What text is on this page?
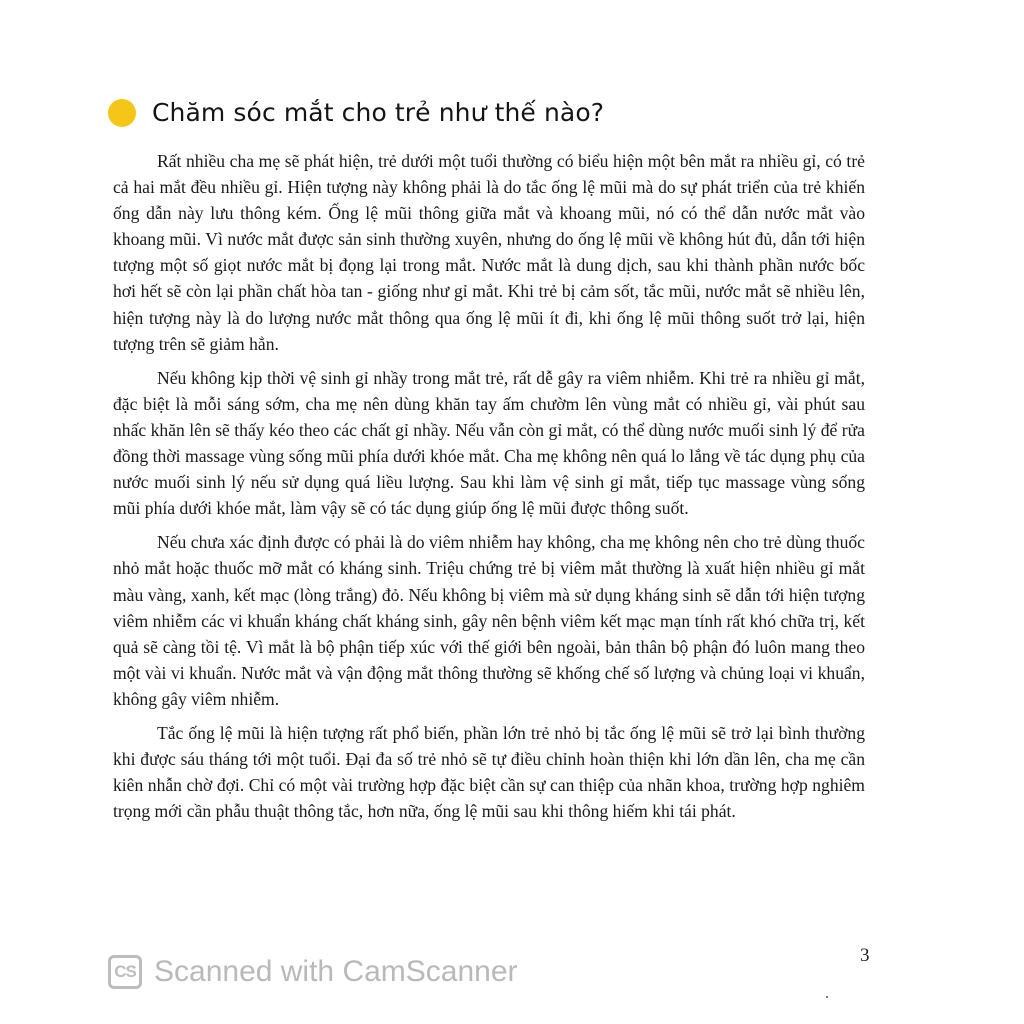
Chăm sóc mắt cho trẻ như thế nào?

Rất nhiều cha mẹ sẽ phát hiện, trẻ dưới một tuổi thường có biểu hiện một bên mắt ra nhiều gỉ, có trẻ cả hai mắt đều nhiều gỉ. Hiện tượng này không phải là do tắc ống lệ mũi mà do sự phát triển của trẻ khiến ống dẫn này lưu thông kém. Ống lệ mũi thông giữa mắt và khoang mũi, nó có thể dẫn nước mắt vào khoang mũi. Vì nước mắt được sản sinh thường xuyên, nhưng do ống lệ mũi về không hút đủ, dẫn tới hiện tượng một số giọt nước mắt bị đọng lại trong mắt. Nước mắt là dung dịch, sau khi thành phần nước bốc hơi hết sẽ còn lại phần chất hòa tan - giống như gỉ mắt. Khi trẻ bị cảm sốt, tắc mũi, nước mắt sẽ nhiều lên, hiện tượng này là do lượng nước mắt thông qua ống lệ mũi ít đi, khi ống lệ mũi thông suốt trở lại, hiện tượng trên sẽ giảm hẳn.

Nếu không kịp thời vệ sinh gỉ nhầy trong mắt trẻ, rất dễ gây ra viêm nhiễm. Khi trẻ ra nhiều gỉ mắt, đặc biệt là mỗi sáng sớm, cha mẹ nên dùng khăn tay ấm chườm lên vùng mắt có nhiều gỉ, vài phút sau nhấc khăn lên sẽ thấy kéo theo các chất gỉ nhầy. Nếu vẫn còn gỉ mắt, có thể dùng nước muối sinh lý để rửa đồng thời massage vùng sống mũi phía dưới khóe mắt. Cha mẹ không nên quá lo lắng về tác dụng phụ của nước muối sinh lý nếu sử dụng quá liều lượng. Sau khi làm vệ sinh gỉ mắt, tiếp tục massage vùng sống mũi phía dưới khóe mắt, làm vậy sẽ có tác dụng giúp ống lệ mũi được thông suốt.

Nếu chưa xác định được có phải là do viêm nhiễm hay không, cha mẹ không nên cho trẻ dùng thuốc nhỏ mắt hoặc thuốc mỡ mắt có kháng sinh. Triệu chứng trẻ bị viêm mắt thường là xuất hiện nhiều gỉ mắt màu vàng, xanh, kết mạc (lòng trắng) đỏ. Nếu không bị viêm mà sử dụng kháng sinh sẽ dẫn tới hiện tượng viêm nhiễm các vi khuẩn kháng chất kháng sinh, gây nên bệnh viêm kết mạc mạn tính rất khó chữa trị, kết quả sẽ càng tồi tệ. Vì mắt là bộ phận tiếp xúc với thế giới bên ngoài, bản thân bộ phận đó luôn mang theo một vài vi khuẩn. Nước mắt và vận động mắt thông thường sẽ khống chế số lượng và chủng loại vi khuẩn, không gây viêm nhiễm.

Tắc ống lệ mũi là hiện tượng rất phổ biến, phần lớn trẻ nhỏ bị tắc ống lệ mũi sẽ trở lại bình thường khi được sáu tháng tới một tuổi. Đại đa số trẻ nhỏ sẽ tự điều chỉnh hoàn thiện khi lớn dần lên, cha mẹ cần kiên nhẫn chờ đợi. Chỉ có một vài trường hợp đặc biệt cần sự can thiệp của nhãn khoa, trường hợp nghiêm trọng mới cần phẫu thuật thông tắc, hơn nữa, ống lệ mũi sau khi thông hiếm khi tái phát.

3
CS Scanned with CamScanner
